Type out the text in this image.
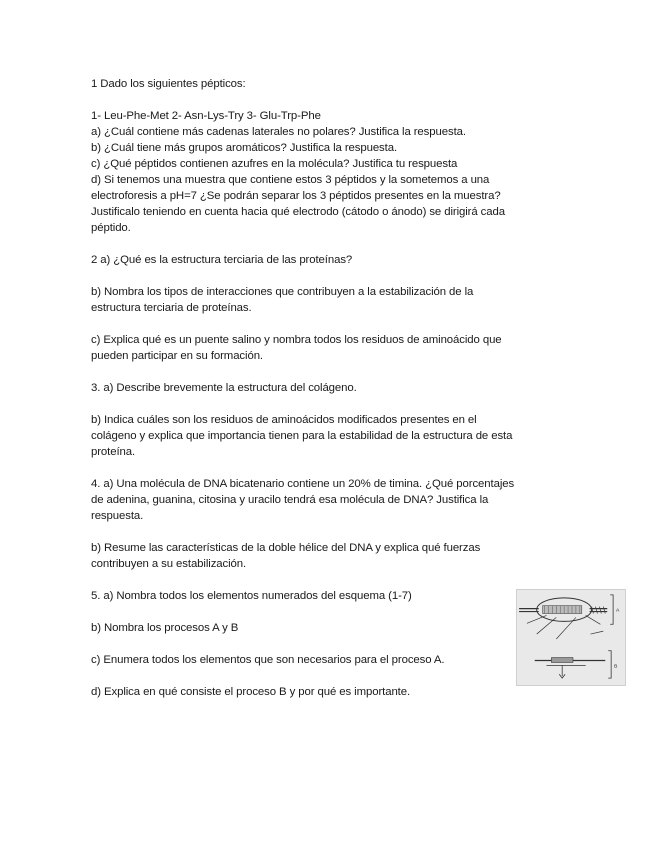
1 Dado los siguientes pépticos:

1- Leu-Phe-Met 2- Asn-Lys-Try 3- Glu-Trp-Phe

a) ¿Cuál contiene más cadenas laterales no polares? Justifica la respuesta.

b) ¿Cuál tiene más grupos aromáticos? Justifica la respuesta.

c) ¿Qué péptidos contienen azufres en la molécula? Justifica tu respuesta

d) Si tenemos una muestra que contiene estos 3 péptidos y la sometemos a una

electroforesis a pH=7 ¿Se podrán separar los 3 péptidos presentes en la muestra?

Justificalo teniendo en cuenta hacia qué electrodo (cátodo o ánodo) se dirigirá cada

péptido.

2 a) ¿Qué es la estructura terciaria de las proteínas?

b) Nombra los tipos de interacciones que contribuyen a la estabilización de la

estructura terciaria de proteínas.

c) Explica qué es un puente salino y nombra todos los residuos de aminoácido que

pueden participar en su formación.

3. a) Describe brevemente la estructura del colágeno.

b) Indica cuáles son los residuos de aminoácidos modificados presentes en el

colágeno y explica que importancia tienen para la estabilidad de la estructura de esta

proteína.

4. a) Una molécula de DNA bicatenario contiene un 20% de timina. ¿Qué porcentajes

de adenina, guanina, citosina y uracilo tendrá esa molécula de DNA? Justifica la

respuesta.

b) Resume las características de la doble hélice del DNA y explica qué fuerzas

contribuyen a su estabilización.

5. a) Nombra todos los elementos numerados del esquema (1-7)

b) Nombra los procesos A y B

c) Enumera todos los elementos que son necesarios para el proceso A.

d) Explica en qué consiste el proceso B y por qué es importante.

A
B
